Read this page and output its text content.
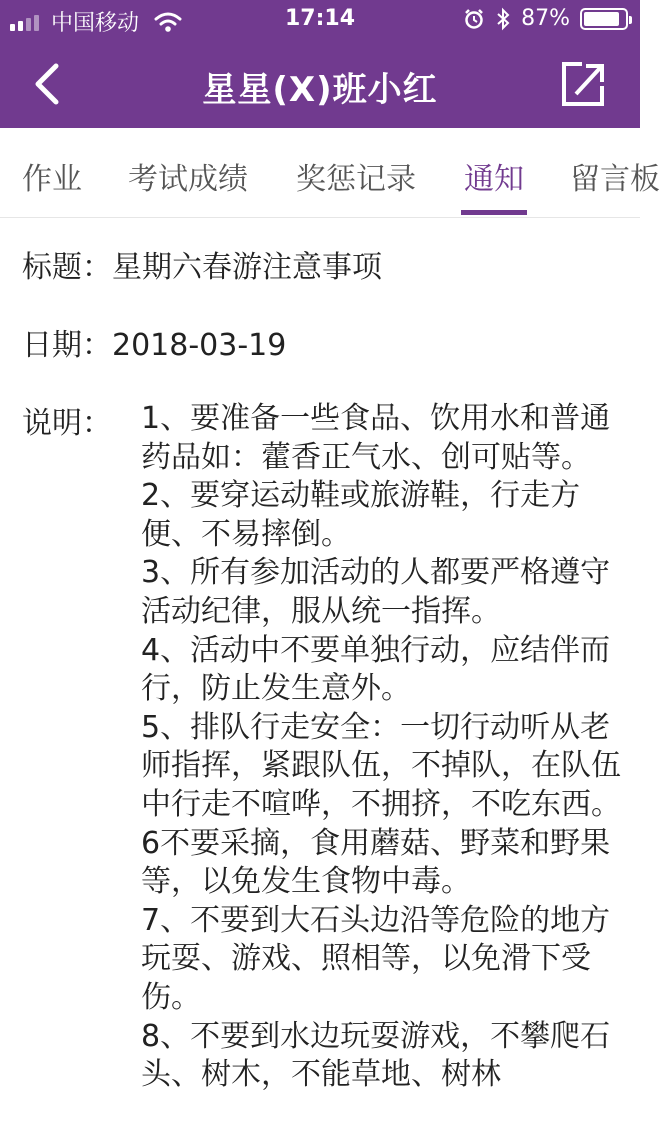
中国移动	17:14	87%
星星(X)班小红
作业 考试成绩 奖惩记录 通知 留言板
标题：星期六春游注意事项
日期：2018-03-19
说明： 1、要准备一些食品、饮用水和普通药品如：藿香正气水、创可贴等。

2、要穿运动鞋或旅游鞋，行走方便、不易摔倒。

3、所有参加活动的人都要严格遵守活动纪律，服从统一指挥。

4、活动中不要单独行动，应结伴而行，防止发生意外。

5、排队行走安全：一切行动听从老师指挥，紧跟队伍，不掉队，在队伍中行走不喧哗，不拥挤，不吃东西。

6不要采摘，食用蘑菇、野菜和野果等，以免发生食物中毒。

7、不要到大石头边沿等危险的地方玩耍、游戏、照相等，以免滑下受伤。

8、不要到水边玩耍游戏，不攀爬石头、树木，不能草地、树林
